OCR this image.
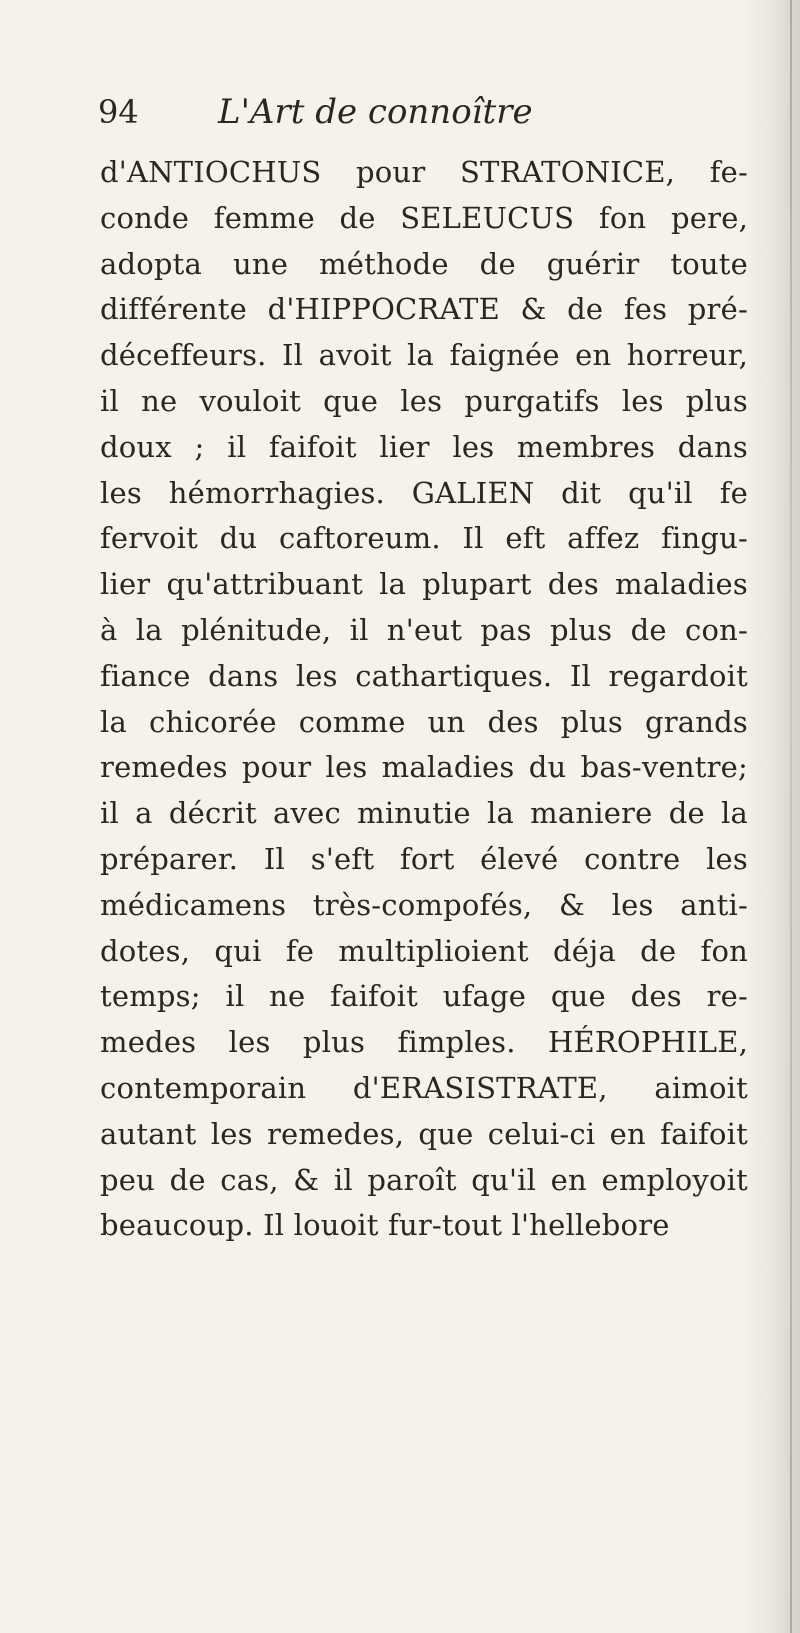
94 L'Art de connoître
d'ANTIOCHUS pour STRATONICE, fe-
conde femme de SELEUCUS fon pere,
adopta une méthode de guérir toute
différente d'HIPPOCRATE & de fes pré-
déceffeurs. Il avoit la faignée en horreur,
il ne vouloit que les purgatifs les plus
doux ; il faifoit lier les membres dans
les hémorrhagies. GALIEN dit qu'il fe
fervoit du caftoreum. Il eft affez fingu-
lier qu'attribuant la plupart des maladies
à la plénitude, il n'eut pas plus de con-
fiance dans les cathartiques. Il regardoit
la chicorée comme un des plus grands
remedes pour les maladies du bas-ventre;
il a décrit avec minutie la maniere de la
préparer. Il s'eft fort élevé contre les
médicamens très-compofés, & les anti-
dotes, qui fe multiplioient déja de fon
temps; il ne faifoit ufage que des re-
medes les plus fimples. HÉROPHILE,
contemporain d'ERASISTRATE, aimoit
autant les remedes, que celui-ci en faifoit
peu de cas, & il paroît qu'il en employoit
beaucoup. Il louoit fur-tout l'hellebore
